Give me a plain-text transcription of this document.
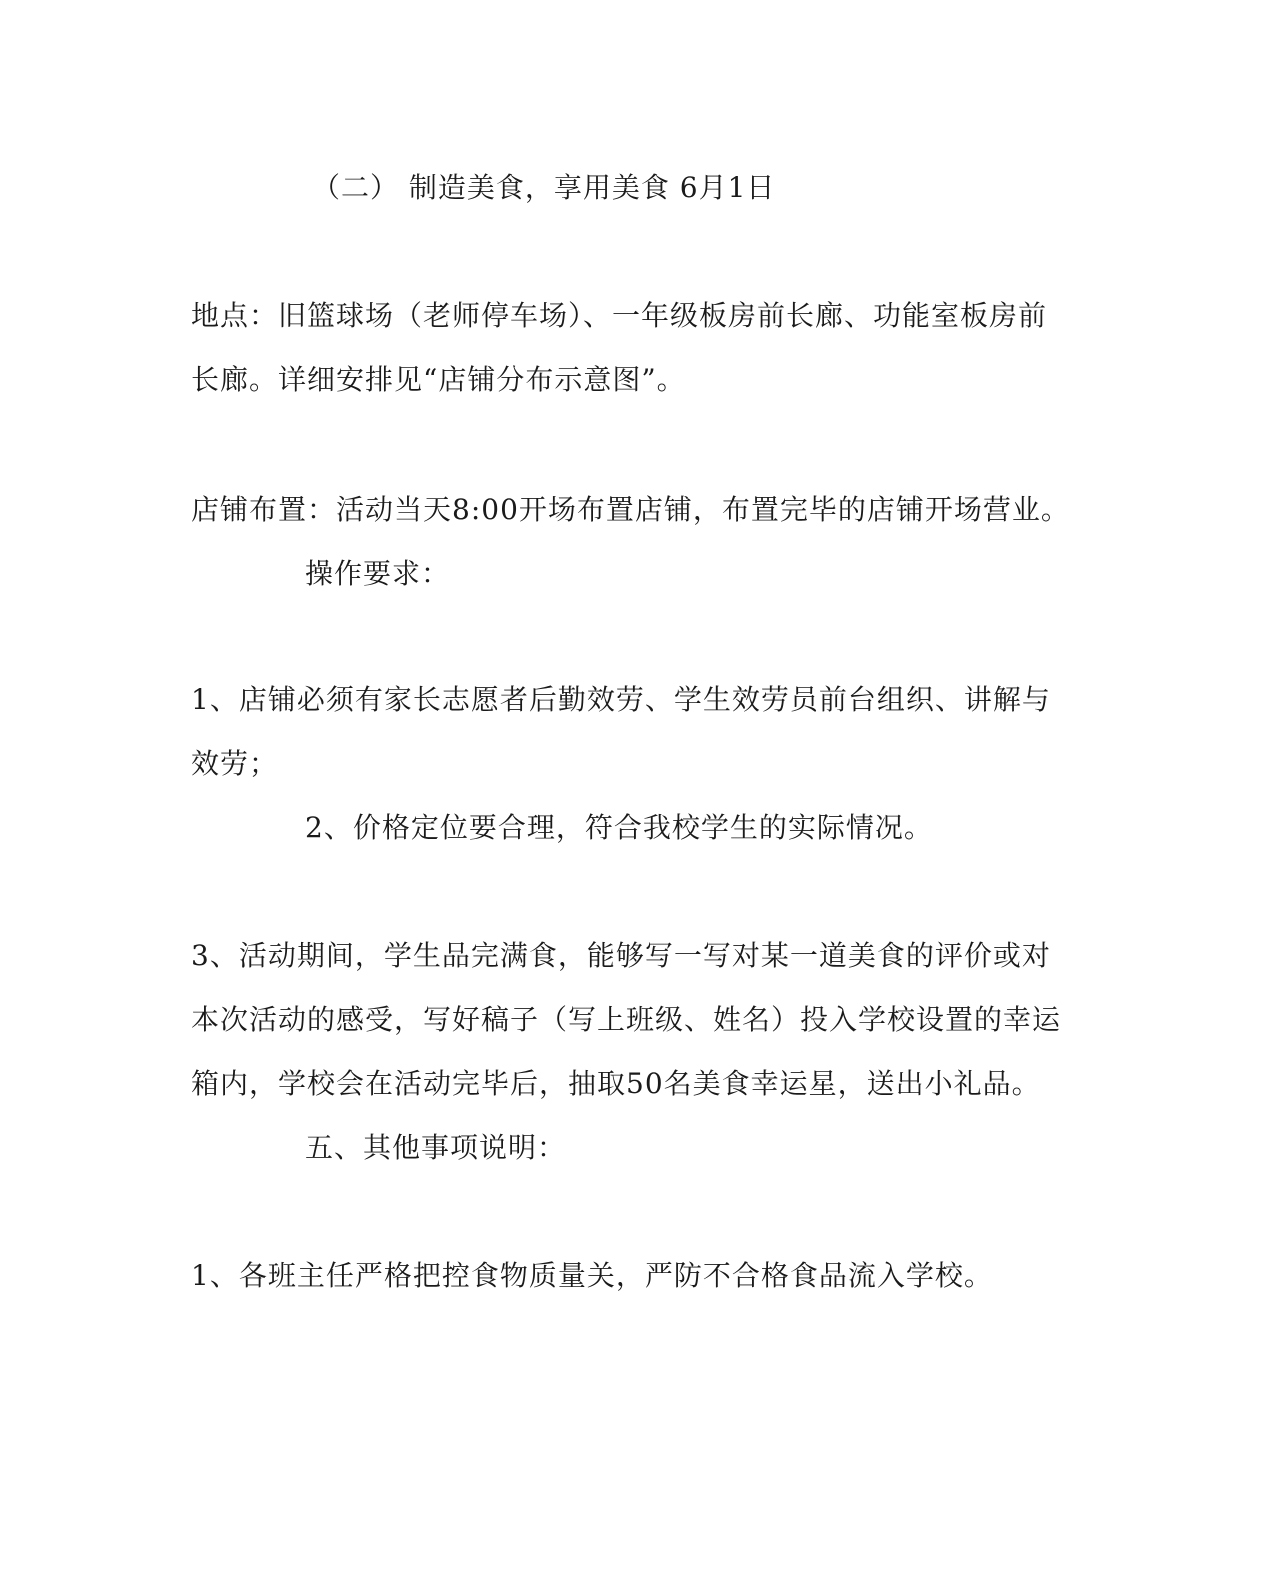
（二） 制造美食，享用美食 6月1日
地点：旧篮球场（老师停车场）、一年级板房前长廊、功能室板房前
长廊。详细安排见“店铺分布示意图”。
店铺布置：活动当天8:00开场布置店铺，布置完毕的店铺开场营业。
操作要求：
1、店铺必须有家长志愿者后勤效劳、学生效劳员前台组织、讲解与
效劳；
2、价格定位要合理，符合我校学生的实际情况。
3、活动期间，学生品完满食，能够写一写对某一道美食的评价或对
本次活动的感受，写好稿子（写上班级、姓名）投入学校设置的幸运
箱内，学校会在活动完毕后，抽取50名美食幸运星，送出小礼品。
五、其他事项说明：
1、各班主任严格把控食物质量关，严防不合格食品流入学校。
